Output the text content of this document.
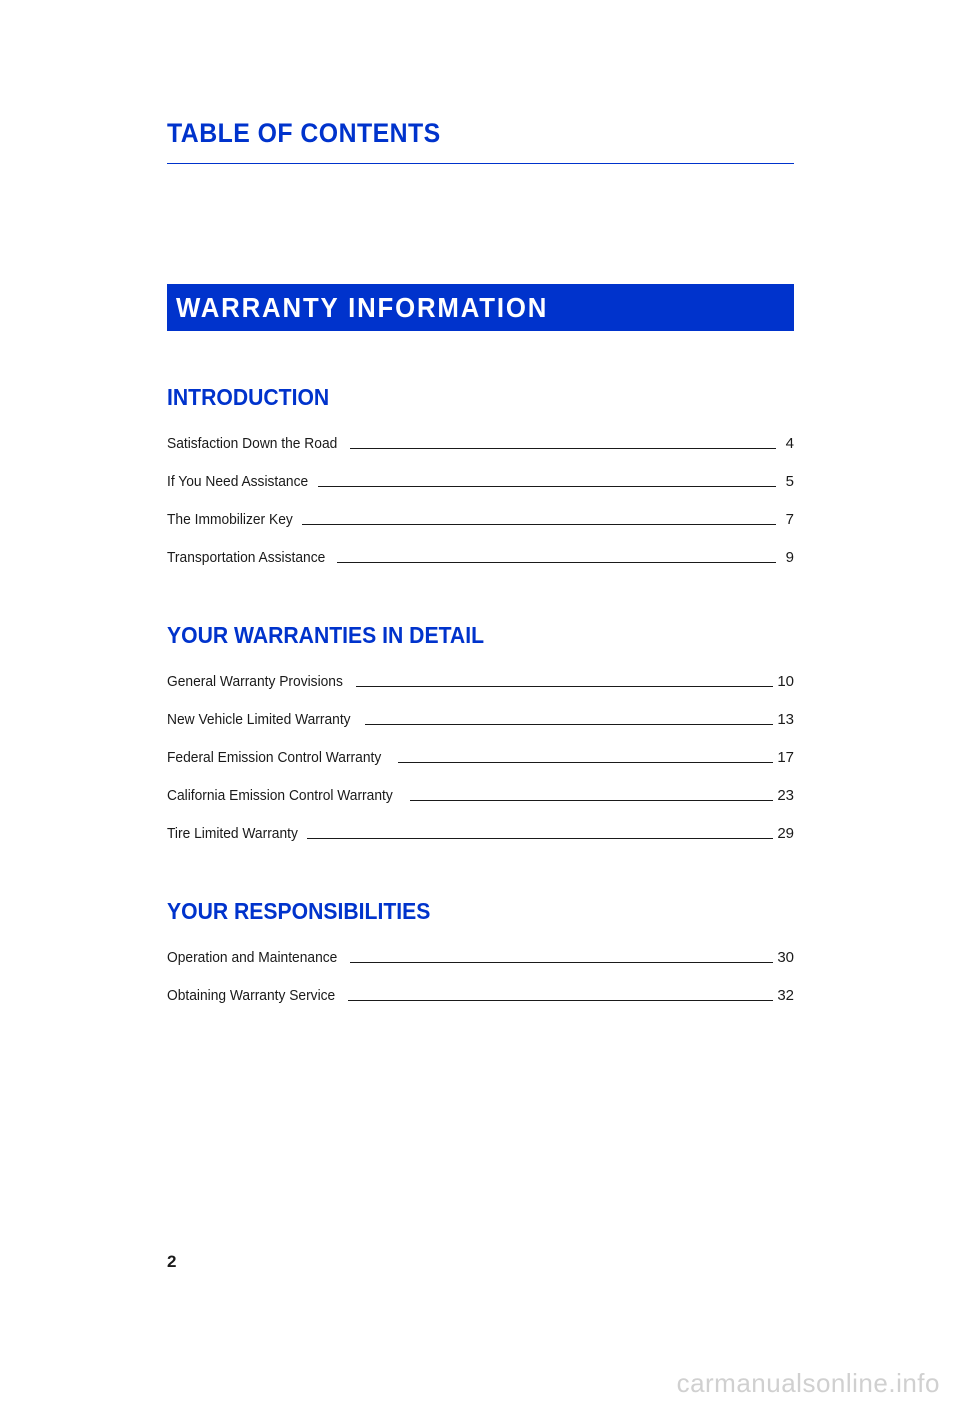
TABLE OF CONTENTS
WARRANTY INFORMATION
INTRODUCTION
Satisfaction Down the Road	4
If You Need Assistance	5
The Immobilizer Key	7
Transportation Assistance	9
YOUR WARRANTIES IN DETAIL
General Warranty Provisions	10
New Vehicle Limited Warranty	13
Federal Emission Control Warranty	17
California Emission Control Warranty	23
Tire Limited Warranty	29
YOUR RESPONSIBILITIES
Operation and Maintenance	30
Obtaining Warranty Service	32
2
carmanualsonline.info
